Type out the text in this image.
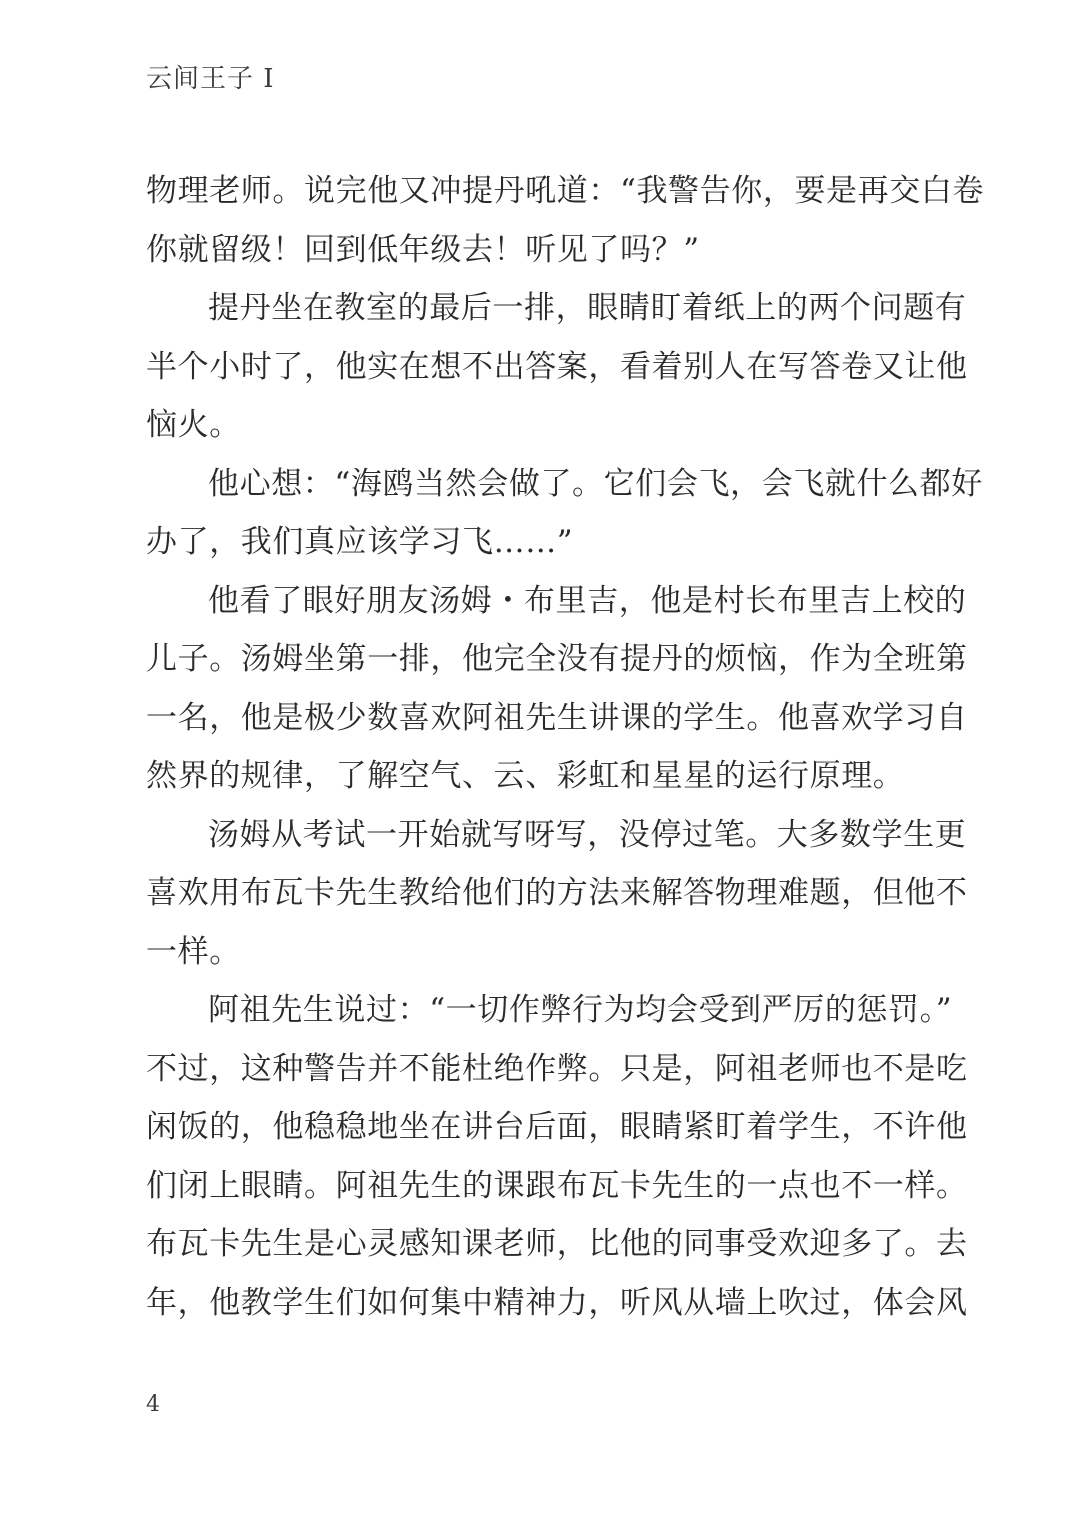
云间王子 I
物理老师。说完他又冲提丹吼道：“我警告你，要是再交白卷
你就留级！回到低年级去！听见了吗？”
提丹坐在教室的最后一排，眼睛盯着纸上的两个问题有
半个小时了，他实在想不出答案，看着别人在写答卷又让他
恼火。
他心想：“海鸥当然会做了。它们会飞，会飞就什么都好
办了，我们真应该学习飞……”
他看了眼好朋友汤姆・布里吉，他是村长布里吉上校的
儿子。汤姆坐第一排，他完全没有提丹的烦恼，作为全班第
一名，他是极少数喜欢阿祖先生讲课的学生。他喜欢学习自
然界的规律，了解空气、云、彩虹和星星的运行原理。
汤姆从考试一开始就写呀写，没停过笔。大多数学生更
喜欢用布瓦卡先生教给他们的方法来解答物理难题，但他不
一样。
阿祖先生说过：“一切作弊行为均会受到严厉的惩罚。”
不过，这种警告并不能杜绝作弊。只是，阿祖老师也不是吃
闲饭的，他稳稳地坐在讲台后面，眼睛紧盯着学生，不许他
们闭上眼睛。阿祖先生的课跟布瓦卡先生的一点也不一样。
布瓦卡先生是心灵感知课老师，比他的同事受欢迎多了。去
年，他教学生们如何集中精神力，听风从墙上吹过，体会风
4
